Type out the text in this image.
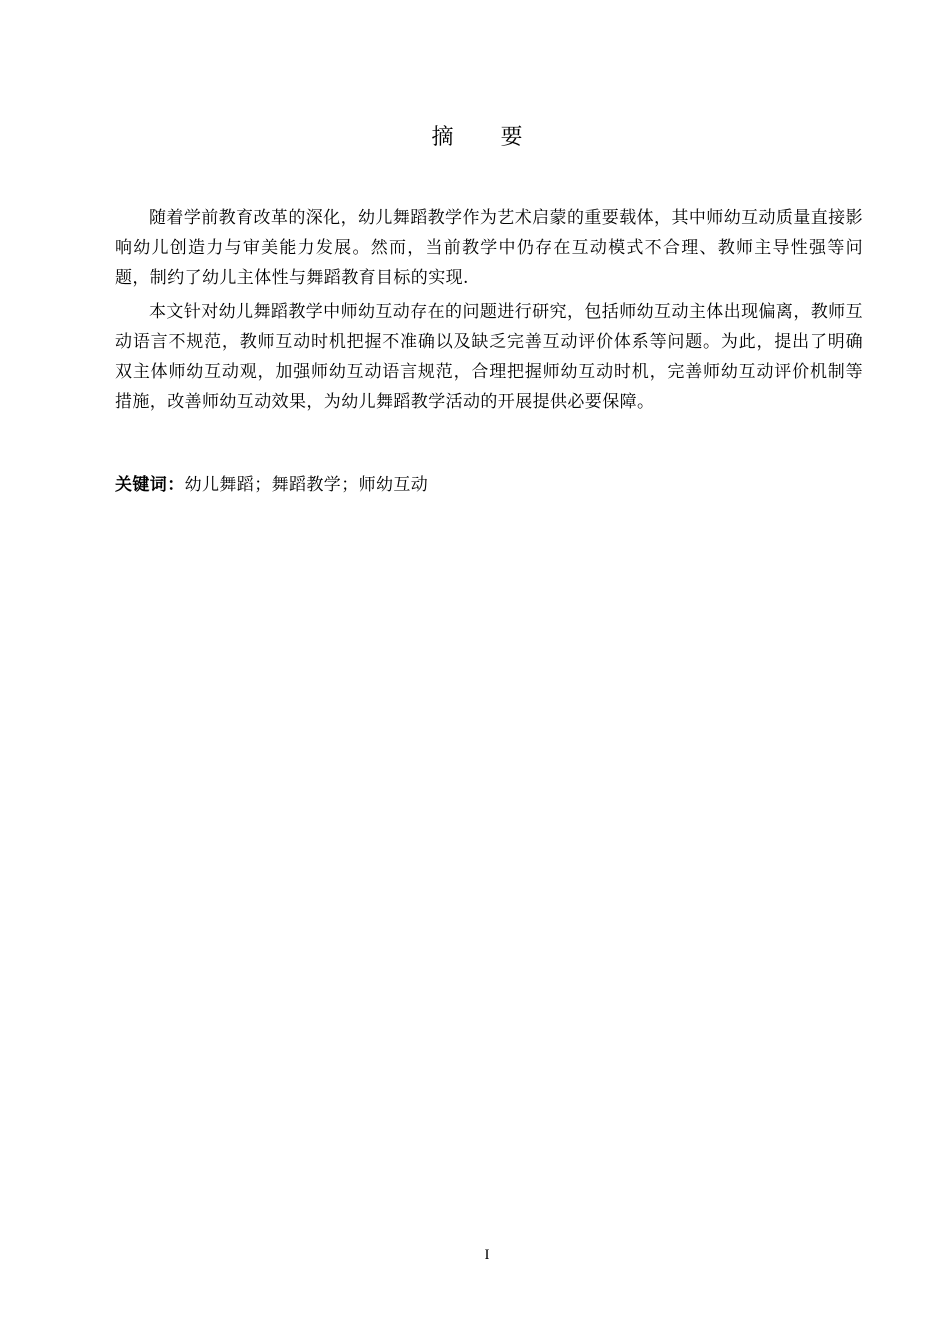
摘 要

随着学前教育改革的深化，幼儿舞蹈教学作为艺术启蒙的重要载体，其中师幼互动质量直接影响幼儿创造力与审美能力发展。然而，当前教学中仍存在互动模式不合理、教师主导性强等问题，制约了幼儿主体性与舞蹈教育目标的实现.

本文针对幼儿舞蹈教学中师幼互动存在的问题进行研究，包括师幼互动主体出现偏离，教师互动语言不规范，教师互动时机把握不准确以及缺乏完善互动评价体系等问题。为此，提出了明确双主体师幼互动观，加强师幼互动语言规范，合理把握师幼互动时机，完善师幼互动评价机制等措施，改善师幼互动效果，为幼儿舞蹈教学活动的开展提供必要保障。

关键词：幼儿舞蹈；舞蹈教学；师幼互动
I
